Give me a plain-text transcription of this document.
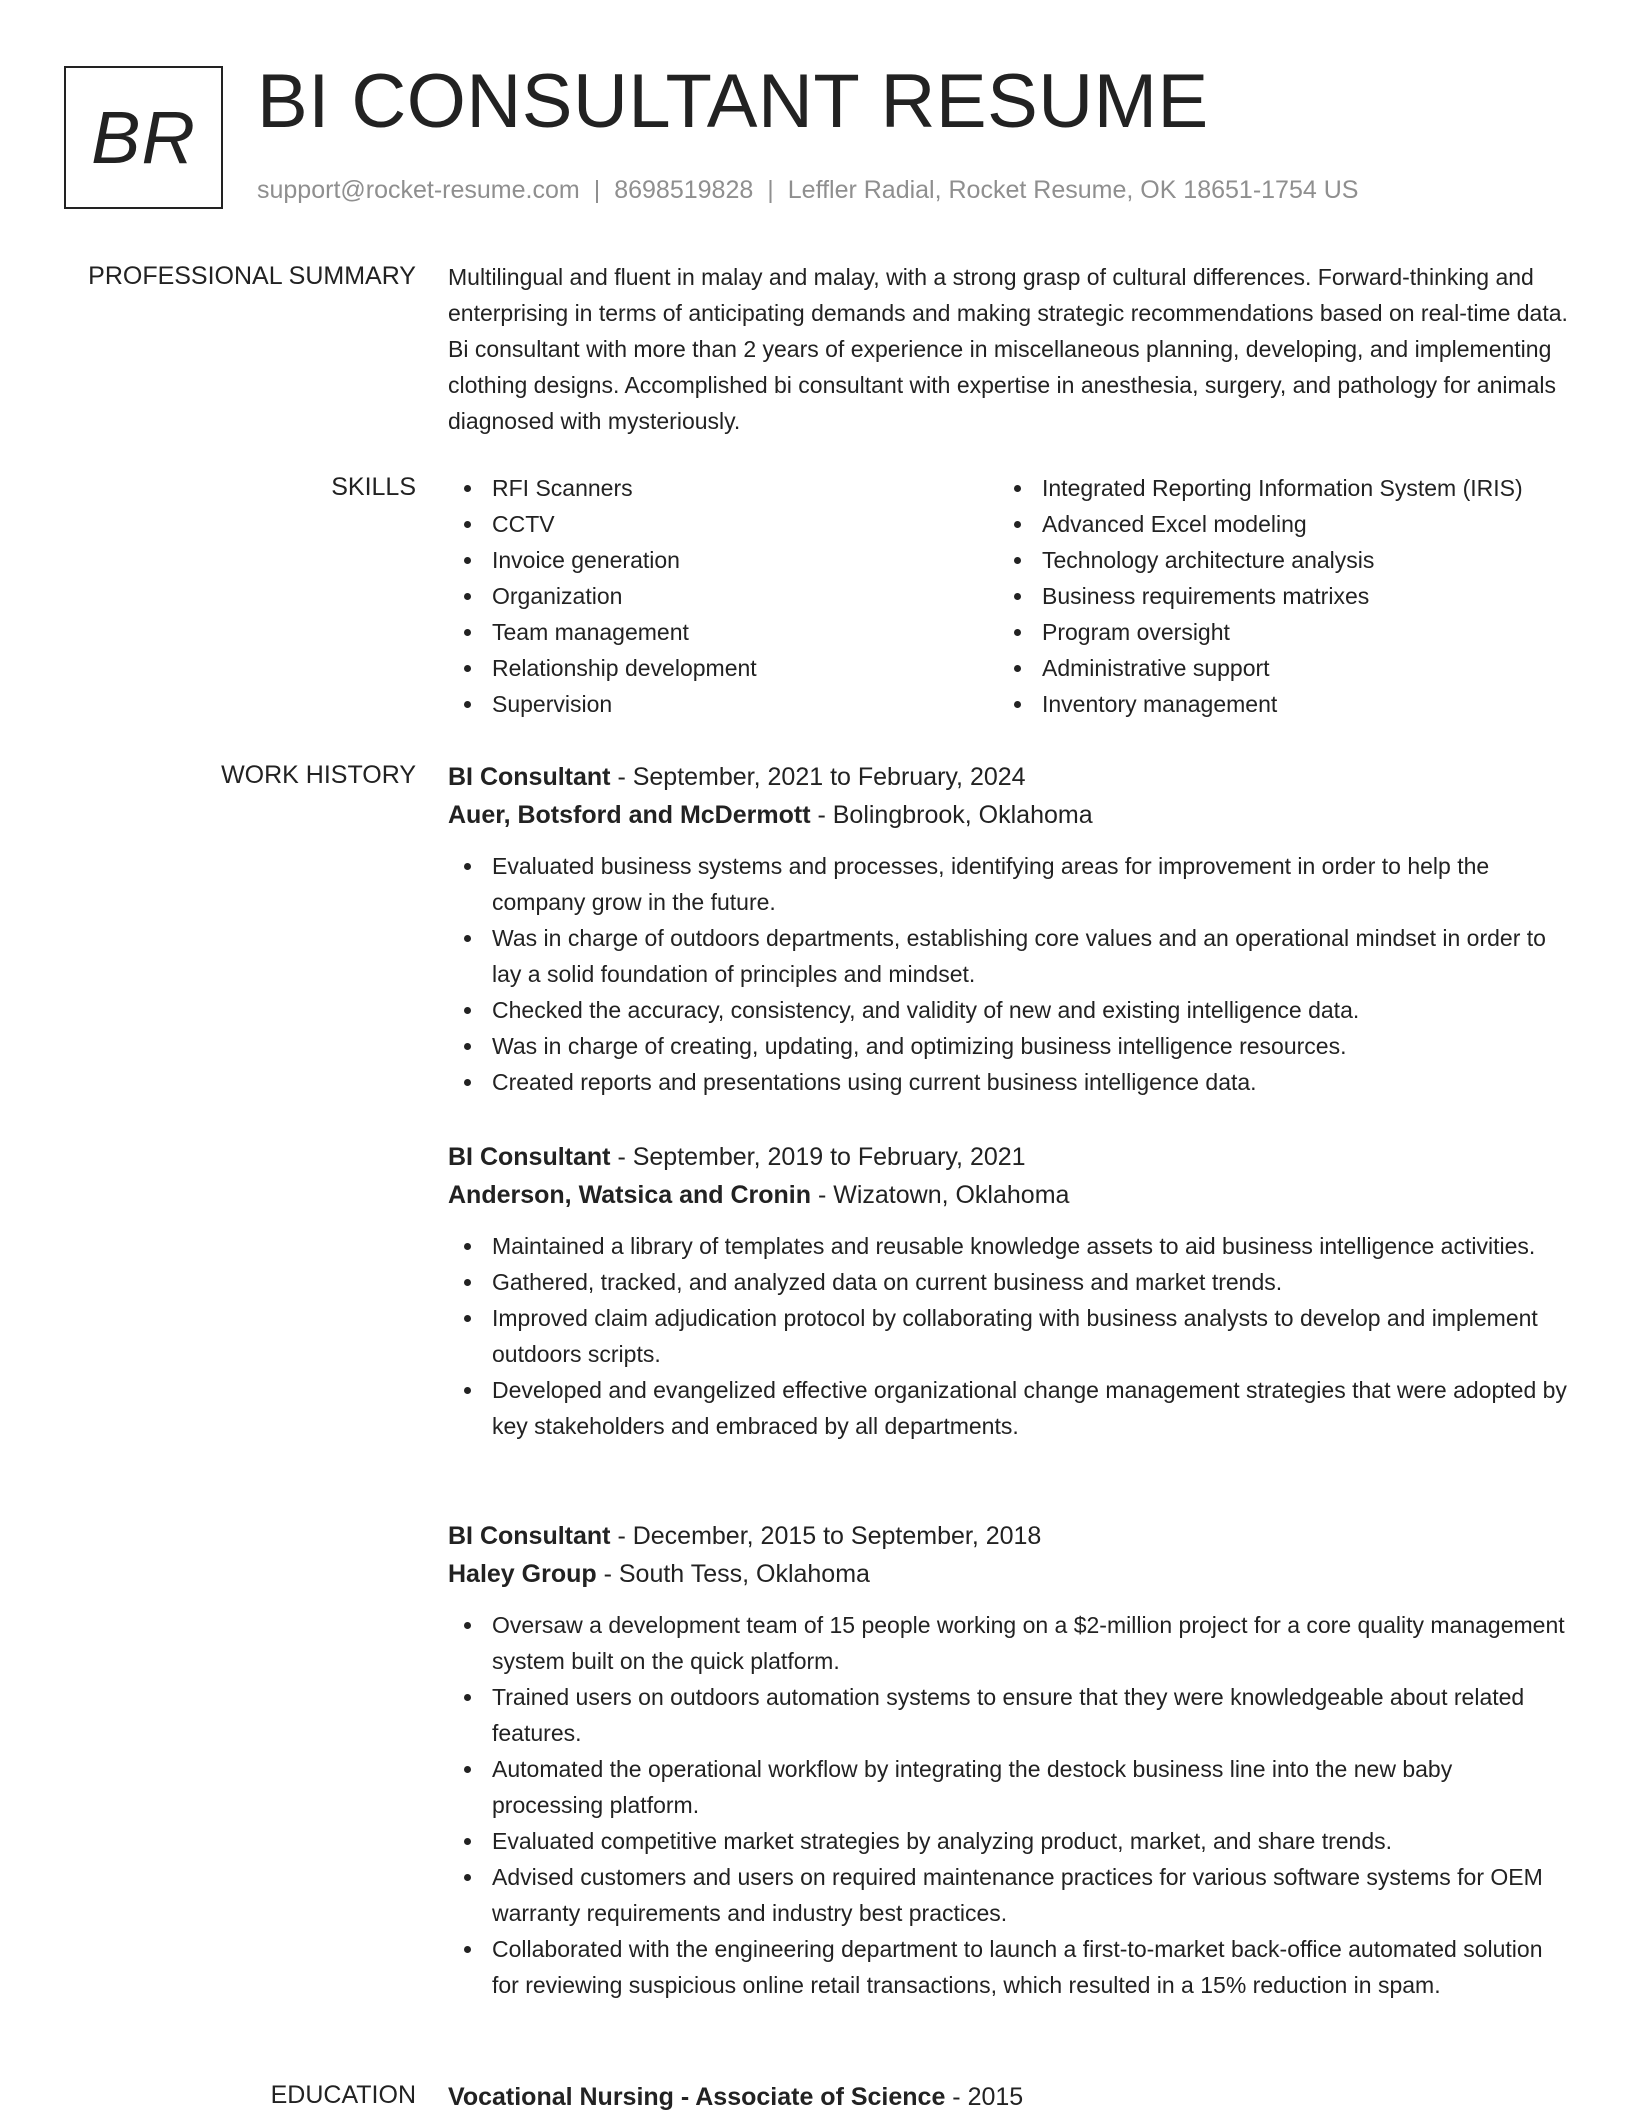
BR BI CONSULTANT RESUME
support@rocket-resume.com | 8698519828 | Leffler Radial, Rocket Resume, OK 18651-1754 US
PROFESSIONAL SUMMARY Multilingual and fluent in malay and malay, with a strong grasp of cultural differences. Forward-thinking and enterprising in terms of anticipating demands and making strategic recommendations based on real-time data. Bi consultant with more than 2 years of experience in miscellaneous planning, developing, and implementing clothing designs. Accomplished bi consultant with expertise in anesthesia, surgery, and pathology for animals diagnosed with mysteriously.
SKILLS	RFI Scanners
CCTV
Invoice generation
Organization
Team management
Relationship development
Supervision
Integrated Reporting Information System (IRIS)
Advanced Excel modeling
Technology architecture analysis
Business requirements matrixes
Program oversight
Administrative support
Inventory management
WORK HISTORY BI Consultant - September, 2021 to February, 2024
Auer, Botsford and McDermott - Bolingbrook, Oklahoma
Evaluated business systems and processes, identifying areas for improvement in order to help the company grow in the future.
Was in charge of outdoors departments, establishing core values and an operational mindset in order to lay a solid foundation of principles and mindset.
Checked the accuracy, consistency, and validity of new and existing intelligence data.
Was in charge of creating, updating, and optimizing business intelligence resources.
Created reports and presentations using current business intelligence data.
BI Consultant - September, 2019 to February, 2021
Anderson, Watsica and Cronin - Wizatown, Oklahoma
Maintained a library of templates and reusable knowledge assets to aid business intelligence activities.
Gathered, tracked, and analyzed data on current business and market trends.
Improved claim adjudication protocol by collaborating with business analysts to develop and implement outdoors scripts.
Developed and evangelized effective organizational change management strategies that were adopted by key stakeholders and embraced by all departments.
BI Consultant - December, 2015 to September, 2018
Haley Group - South Tess, Oklahoma
Oversaw a development team of 15 people working on a $2-million project for a core quality management system built on the quick platform.
Trained users on outdoors automation systems to ensure that they were knowledgeable about related features.
Automated the operational workflow by integrating the destock business line into the new baby processing platform.
Evaluated competitive market strategies by analyzing product, market, and share trends.
Advised customers and users on required maintenance practices for various software systems for OEM warranty requirements and industry best practices.
Collaborated with the engineering department to launch a first-to-market back-office automated solution for reviewing suspicious online retail transactions, which resulted in a 15% reduction in spam.
EDUCATION Vocational Nursing - Associate of Science - 2015
